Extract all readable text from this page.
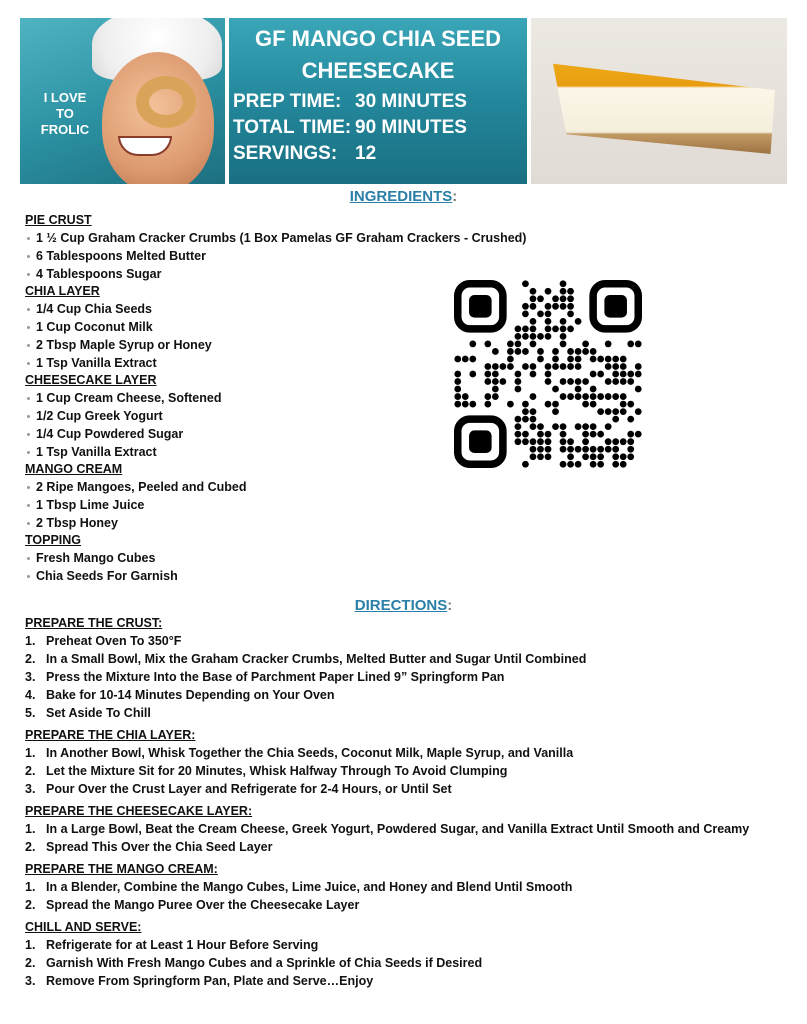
I LOVE
TO
FROLIC
GF MANGO CHIA SEED
CHEESECAKE
PREP TIME: 30 MINUTES
TOTAL TIME: 90 MINUTES
SERVINGS: 12
INGREDIENTS:
PIE CRUST
1 ½ Cup Graham Cracker Crumbs (1 Box Pamelas GF Graham Crackers - Crushed)
6 Tablespoons Melted Butter
4 Tablespoons Sugar
CHIA LAYER
1/4 Cup Chia Seeds
1 Cup Coconut Milk
2 Tbsp Maple Syrup or Honey
1 Tsp Vanilla Extract
CHEESECAKE LAYER
1 Cup Cream Cheese, Softened
1/2 Cup Greek Yogurt
1/4 Cup Powdered Sugar
1 Tsp Vanilla Extract
MANGO CREAM
2 Ripe Mangoes, Peeled and Cubed
1 Tbsp Lime Juice
2 Tbsp Honey
TOPPING
Fresh Mango Cubes
Chia Seeds For Garnish
DIRECTIONS:
PREPARE THE CRUST:
1. Preheat Oven To 350°F
2. In a Small Bowl, Mix the Graham Cracker Crumbs, Melted Butter and Sugar Until Combined
3. Press the Mixture Into the Base of Parchment Paper Lined 9” Springform Pan
4. Bake for 10-14 Minutes Depending on Your Oven
5. Set Aside To Chill
PREPARE THE CHIA LAYER:
1. In Another Bowl, Whisk Together the Chia Seeds, Coconut Milk, Maple Syrup, and Vanilla
2. Let the Mixture Sit for 20 Minutes, Whisk Halfway Through To Avoid Clumping
3. Pour Over the Crust Layer and Refrigerate for 2-4 Hours, or Until Set
PREPARE THE CHEESECAKE LAYER:
1. In a Large Bowl, Beat the Cream Cheese, Greek Yogurt, Powdered Sugar, and Vanilla Extract Until Smooth and Creamy
2. Spread This Over the Chia Seed Layer
PREPARE THE MANGO CREAM:
1. In a Blender, Combine the Mango Cubes, Lime Juice, and Honey and Blend Until Smooth
2. Spread the Mango Puree Over the Cheesecake Layer
CHILL AND SERVE:
1. Refrigerate for at Least 1 Hour Before Serving
2. Garnish With Fresh Mango Cubes and a Sprinkle of Chia Seeds if Desired
3. Remove From Springform Pan, Plate and Serve…Enjoy
